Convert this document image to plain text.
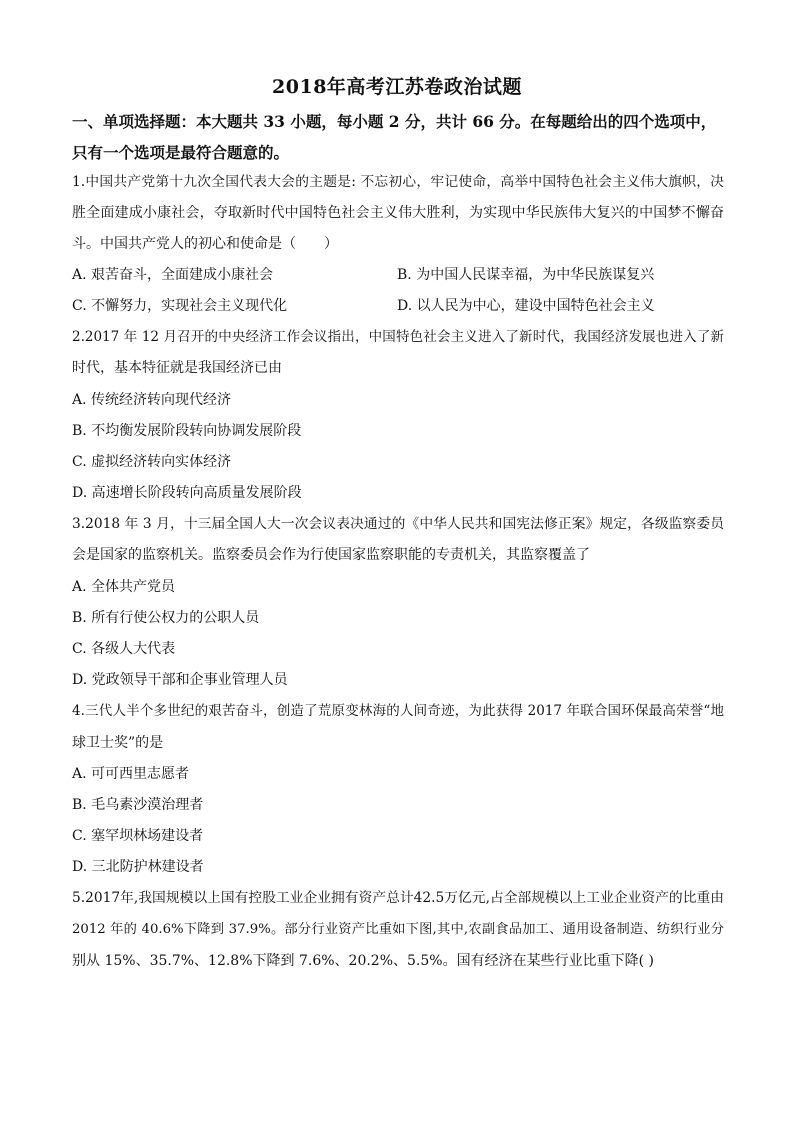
2018年高考江苏卷政治试题
一、单项选择题：本大题共 33 小题，每小题 2 分，共计 66 分。在每题给出的四个选项中，
只有一个选项是最符合题意的。
1.中国共产党第十九次全国代表大会的主题是: 不忘初心，牢记使命，高举中国特色社会主义伟大旗帜，决
胜全面建成小康社会，夺取新时代中国特色社会主义伟大胜利，为实现中华民族伟大复兴的中国梦不懈奋
斗。中国共产党人的初心和使命是（　　）
A. 艰苦奋斗，全面建成小康社会	B. 为中国人民谋幸福，为中华民族谋复兴
C. 不懈努力，实现社会主义现代化	D. 以人民为中心，建设中国特色社会主义
2.2017 年 12 月召开的中央经济工作会议指出，中国特色社会主义进入了新时代，我国经济发展也进入了新
时代，基本特征就是我国经济已由
A. 传统经济转向现代经济
B. 不均衡发展阶段转向协调发展阶段
C. 虚拟经济转向实体经济
D. 高速增长阶段转向高质量发展阶段
3.2018 年 3 月，十三届全国人大一次会议表决通过的《中华人民共和国宪法修正案》规定，各级监察委员
会是国家的监察机关。监察委员会作为行使国家监察职能的专责机关，其监察覆盖了
A. 全体共产党员
B. 所有行使公权力的公职人员
C. 各级人大代表
D. 党政领导干部和企事业管理人员
4.三代人半个多世纪的艰苦奋斗，创造了荒原变林海的人间奇迹，为此获得 2017 年联合国环保最高荣誉“地
球卫士奖”的是
A. 可可西里志愿者
B. 毛乌素沙漠治理者
C. 塞罕坝林场建设者
D. 三北防护林建设者
5.2017年,我国规模以上国有控股工业企业拥有资产总计42.5万亿元,占全部规模以上工业企业资产的比重由
2012 年的 40.6%下降到 37.9%。部分行业资产比重如下图,其中,农副食品加工、通用设备制造、纺织行业分
别从 15%、35.7%、12.8%下降到 7.6%、20.2%、5.5%。国有经济在某些行业比重下降( )
